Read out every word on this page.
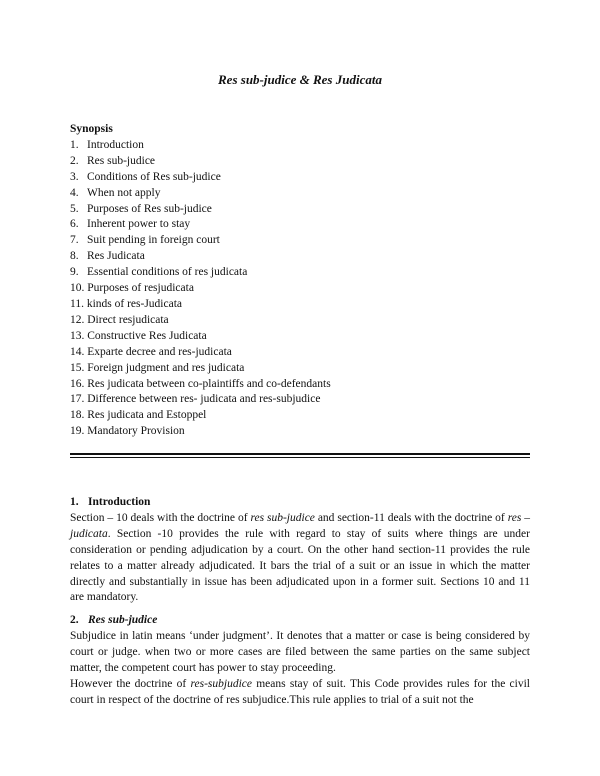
Res sub-judice & Res Judicata
Synopsis
1. Introduction
2. Res sub-judice
3. Conditions of Res sub-judice
4. When not apply
5. Purposes of Res sub-judice
6. Inherent power to stay
7. Suit pending in foreign court
8. Res Judicata
9. Essential conditions of res judicata
10.
Purposes of resjudicata
11.
kinds of res-Judicata
12.
Direct resjudicata
13.
Constructive Res Judicata
14.
Exparte decree and res-judicata
15.
Foreign judgment and res judicata
16.
Res judicata between co-plaintiffs and co-defendants
17.
Difference between res- judicata and res-subjudice
18.
Res judicata and Estoppel
19.
Mandatory Provision

1. Introduction

Section – 10 deals with the doctrine of res sub-judice and section-11 deals with the doctrine of res –judicata. Section -10 provides the rule with regard to stay of suits where things are under consideration or pending adjudication by a court. On the other hand section-11 provides the rule relates to a matter already adjudicated. It bars the trial of a suit or an issue in which the matter directly and substantially in issue has been adjudicated upon in a former suit. Sections 10 and 11 are mandatory.

2. Res sub-judice

Subjudice in latin means ‘under judgment’. It denotes that a matter or case is being considered by court or judge. when two or more cases are filed between the same parties on the same subject matter, the competent court has power to stay proceeding.

However the doctrine of res-subjudice means stay of suit. This Code provides rules for the civil court in respect of the doctrine of res subjudice.This rule applies to trial of a suit not the
